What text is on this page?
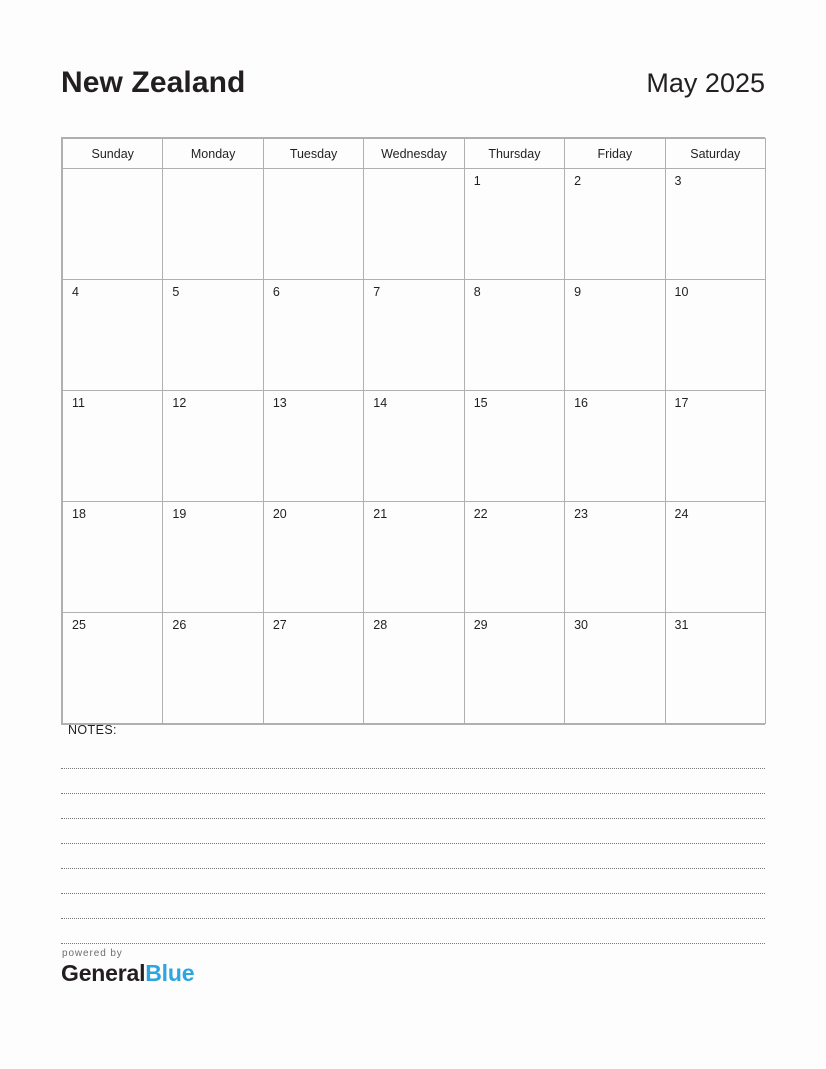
New Zealand	May 2025
Sunday	Monday	Tuesday	Wednesday	Thursday	Friday	Saturday
				1	2	3
4	5	6	7	8	9	10
11	12	13	14	15	16	17
18	19	20	21	22	23	24
25	26	27	28	29	30	31
NOTES:
powered by
GeneralBlue
